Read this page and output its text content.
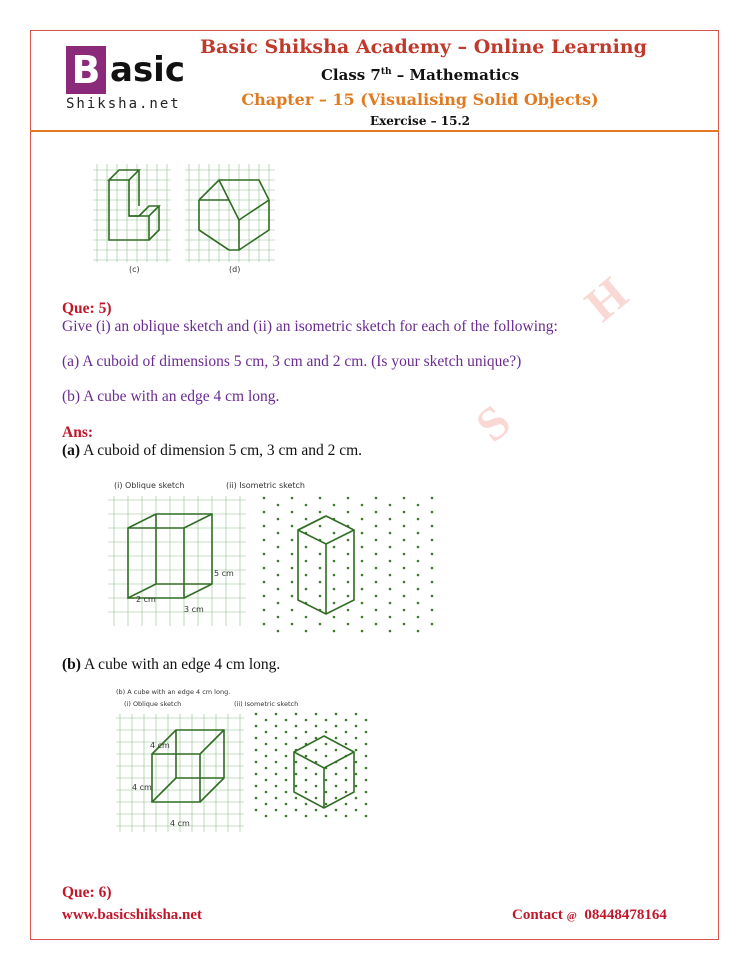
B asic
Shiksha.net
Basic Shiksha Academy – Online Learning
Class 7th – Mathematics
Chapter – 15 (Visualising Solid Objects)
Exercise – 15.2
H
S
(c)	(d)
Que: 5)
Give (i) an oblique sketch and (ii) an isometric sketch for each of the following:
(a) A cuboid of dimensions 5 cm, 3 cm and 2 cm. (Is your sketch unique?)
(b) A cube with an edge 4 cm long.
Ans:
(a) A cuboid of dimension 5 cm, 3 cm and 2 cm.
(i) Oblique sketch	(ii) Isometric sketch
5 cm
2 cm
3 cm
(b) A cube with an edge 4 cm long.
(b) A cube with an edge 4 cm long.
(i) Oblique sketch	(ii) Isometric sketch
4 cm
4 cm
4 cm
Que: 6)
www.basicshiksha.net	Contact @ 08448478164
